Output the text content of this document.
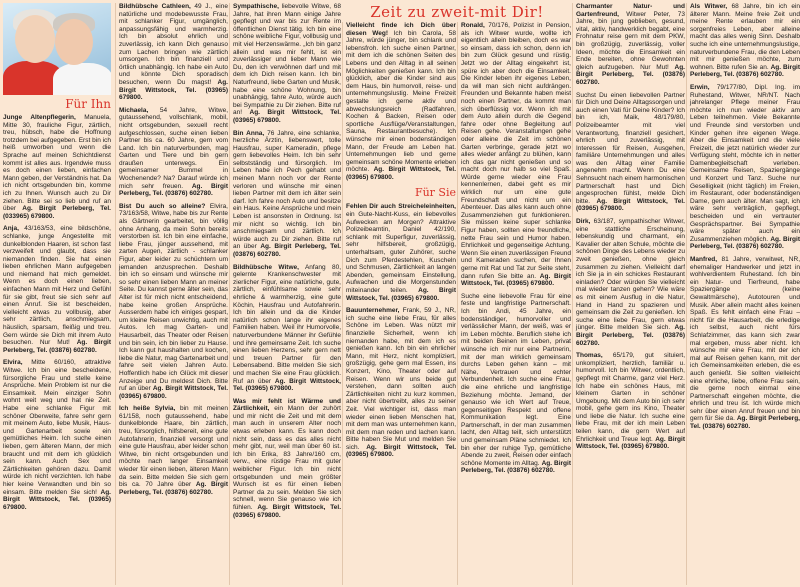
Zeit zu zweit-mit Dir!
Für Ihn

Junge Altenpflegerin, Manuela, Mitte 30, frauliche Figur, zärtlich, treu, hübsch, habe die Hoffnung trotzdem bei aufgegeben. Erst bin ich heiß umworben und wenn die Sprache auf meinen Schichtdienst kommt ist alles aus. Irgendwie muss es doch einen lieben, einfachen Mann geben, der Verständnis hat. Da ich nicht ortsgebunden bin, komme ich zu Ihnen. Wunsch auch zu Dir ziehen. Bitte sei so lieb und ruf an über Ag. Birgit Perleberg, Tel. (033965) 679800.

Anja, 43/163/53, eine bildschöne, schlanke, junge Angestellte mit dunkelblonden Haaren, ist schon fast verzweifelt und glaubt, dass sie niemanden finden. Sie hat einen lieben ehrlichen Mann aufgegeben und niemand hat mich gemeldet. Wenn es doch einen lieben, einfachen Mann mit Herz und Gefühl für sie gibt, freut sie sich sehr auf einen Anruf. Sie ist bescheiden, vielleicht etwas zu vollbusig, aber sehr zärtlich, anschmiegsam, häuslich, sparsam, fleißig und treu. Gern würde sie Dich mit ihrem Auto besuchen. Nur Mut! Ag. Birgit Perleberg, Tel. (03876) 602780.

Elvira, Mitte 60/160, attraktive Witwe. Ich bin eine bescheidene, fürsorgliche Frau und stelle keine Ansprüche. Mein Problem ist nur die Einsamkeit. Mein einziger Sohn wohnt weit weg und hat nie Zeit. Habe eine schlanke Figur mit schöner Oberweite, fahre sehr gern mit meinem Auto, liebe Musik, Haus- und Gartenarbeit sowie ein gemütliches Heim. Ich suche einen lieben, gern älteren Mann, der mich braucht und mit dem ich glücklich sein kann. Auch Sex und Zärtlichkeiten gehören dazu. Damit würde ich nicht verzichten. Ich habe hier keine Verwandten und bin so einsam. Bitte melden Sie sich! Ag. Birgit Wittstock, Tel. (03965) 679800.

Bildhübsche Cathleen, 49 J., eine natürliche und modebewusste Frau, mit schlanker Figur, umgänglich, anpassungsfähig und warmherzig. Ich bin absolut ehrlich und zuverlässig, ich kann Dich genauso zum Lachen bringen wie zärtlich umsorgen. Ich bin finanziell und örtlich unabhängig. Ich habe ein Auto und könnte Dich sporadisch besuchen, wenn Du magst! Ag. Birgit Wittstock, Tel. (03965) 679800.

Michaela, 54 Jahre, Witwe, gutaussehend, vollschlank, mobil, nicht ortsgebunden, sexuell recht aufgeschlossen, suche einen lieben Partner bis ca. 60 Jahre, gern vom Land. Ich bin naturverbunden, mag Garten und Tiere und bin gern draußen unterwegs. Ein gemeinsamer Bummel in Wochenende? Na? Darauf würde ich mich sehr freuen. Ag. Birgit Perleberg, Tel. (03876) 602780.

Bist Du auch so alleine? Elvira, 73/163/58, Witwe, habe bis zur Rente als Gärtnerin gearbeitet, bin völlig ohne Anhang, da mein Sohn bereits verstorben ist. Ich bin eine einfache, liebe Frau, jünger aussehend, mit zarten Augen, zärtlich - schlanker Figur, aber leider zu schüchtern um jemanden anzusprechen. Deshalb bin ich so einsam und wünsche mir so sehr einen lieben Mann an meiner Seite. Du kannst gerne älter sein, das Alter ist für mich nicht entscheidend, habe keine großen Ansprüche. Ausserdem habe ich einiges gespart, um kleine Reisen unwichtig, auch mit Autos. Ich mag Garten- und Hausarbeit, das Theater oder Reisen und bin sein, ich bin lieber zu Hause. Ich kann gut haushalten und kochen, liebe die Natur, mag Gartenarbeit und fahre seit vielen Jahren Auto. Hoffentlich habe ich Glück mit dieser Anzeige und Du meldest Dich. Bitte ruf an über Ag. Birgit Wittstock, Tel. (03965) 679800.

Ich heiße Sylvia, bin mit meinen 61/158, noch gutaussehend, habe dunkelblonde Haare, bin zärtlich, treu, fürsorglich, hilfsbereit, eine gute Autofahrerin, finanziell versorgt und eine gute Hausfrau, aber leider schon Witwe, bin nicht ortsgebunden und möchte nach langer Einsamkeit wieder für einen lieben, älteren Mann da sein. Bitte melden Sie sich gern bis ca. 70 Jahre über Ag. Birgit Perleberg, Tel. (03876) 602780.

Sympathische, liebevolle Witwe, 68 Jahre, hat ihren Mann einige Jahre gepflegt und war bis zur Rente im öffentlichen Dienst tätig. Ich bin eine schöne weibliche Figur, vollbusig und mit viel Herzenswärme. „Ich bin ganz allein und was mir fehlt, ist ein zuverlässiger und lieber Mann wie Du, den ich verwöhnen darf und mit dem ich Dich reisen kann. Ich bin Naturfreund, liebe Garten und Musik, habe eine schöne Wohnung, bin unabhängig, fahre Auto, würde auch bei Sympathie zu Dir ziehen. Bitte ruf an! Ag. Birgit Wittstock, Tel. (03965) 679800.

Bin Anna, 76 Jahre, eine schlanke, herzliche Ärztin, liebenswert, tolle Hausfrau, super Kameradin, pflege gern liebevolles Heim. Ich bin sehr selbstständig und fürsorglich. Im Leben habe ich Pech gehabt und meinen Mann noch vor der Rente verloren und wünsche mir einen lieben Partner mit dem ich älter sein darf. Ich fahre noch Auto und besitze ein Haus. Keine Ansprüche und mein Leben ist ansonsten in Ordnung. Ist mir nicht so wichtig. Ich bin anschmiegsam und zärtlich. Ich würde auch zu Dir ziehen. Bitte ruf an über Ag. Birgit Perleberg, Tel. (03876) 602780.

Bildhübsche Witwe, Anfang 80, gelernte Krankenschwester mit zierlicher Figur, eine natürliche, gute, zärtlich, einfühlsame sowie sehr ehrliche & warmherzig, eine gute Köchin, Hausfrau und Autofahrerin. Ich bin allein und da die Kinder natürlich schon lange ihr eigenes Familien haben. Weil ihr Humorvolle, naturverbundene Männer ihr Gefühle und ihre gemeinsame Zeit. Ich suche einen lieben Herzens, sehr gern nett und treuen Partner für den Lebensabend. Bitte melden Sie sich und machen Sie eine Frau glücklich. Ruf an über Ag. Birgit Wittstock, Tel. (03965) 679800.

Was mir fehlt ist Wärme und Zärtlichkeit, ein Mann der zuhört und mir nicht die Zeit und mit dem man auch in unserem Alter noch etwas erleben kann. Es kann doch nicht sein, dass es das alles nicht mehr gibt, nur, weil man über 60 ist. Ich bin Erika, 83 Jahre/160 cm, verw., eine rüstige Frau mit guter weiblicher Figur. Ich bin nicht ortsgebunden und mein größter Wunsch ist es für einen lieben Partner da zu sein. Melden Sie sich schnell, wenn Sie genauso wie ich fühlen. Ag. Birgit Wittstock, Tel. (03965) 679800.

Vielleicht finde ich Dich über diesen Weg! Ich bin Carola, 58 Jahre, würde jünger, bin schlank und lebensfroh. Ich suche einen Partner, mit dem ich die schönen Seiten des Lebens und den Alltag in all seinen Möglichkeiten genießen kann. Ich bin glücklich, aber die Kinder sind aus dem Haus, bin humorvoll, reise- und unternehmungslustig. Meine Freizeit gestalte ich gerne aktiv und abwechslungsreich (Radfahren, Kochen & Backen, Reisen oder sportliche Ausflüge/Veranstaltungen, Sauna, Restaurantbesuche). Ich wünsche mir einen bodenständigen Mann, der Freude am Leben hat. Unternehmungen lieb und gerne gemeinsam schöne Momente erleben möchte. Ag. Birgit Wittstock, Tel. (03965) 679800.

Für Sie

Fehlen Dir auch Streicheleinheiten, ein Gute-Nacht-Kuss, ein liebevolles Aufwecken am Morgen? Attraktive Polizeibeamtin, Daniel 42/190, schlank mit Superfigur, zuverlässig, sehr hilfsbereit, großzügig, unterhaltsam, guter Zuhörer, suche Dich zum Pferdestehlen, Kuscheln und Schmusen, Zärtlichkeit an langen Abenden, gemeinsam Einstellung, Aufwachen und die Morgenstunden miteinander teilen. Ag. Birgit Wittstock, Tel. (03965) 679800.

Bauunternehmer, Frank, 59 J., NR, ich suche eine liebe Frau, für alles Schöne im Leben. Was nützt mir finanzielle Sicherheit, wenn ich niemanden habe, mit dem ich es genießen kann. Ich bin ein ehrlicher Mann, mit Herz, nicht kompliziert, großzügig, gehe gern mal Essen, ins Konzert, Kino, Theater oder auf Reisen. Wenn wir uns beide gut verstehen, dann sollten auch Zärtlichkeiten nicht zu kurz kommen, aber nicht übertreibt, alles zu seiner Zeit. Viel wichtiger ist, dass man wieder einen lieben Menschen hat, mit dem man was unternehmen kann, mit dem man reden und lachen kann. Bitte haben Sie Mut und melden Sie sich. Ag. Birgit Wittstock, Tel. (03965) 679800.

Ronald, 70/176, Polizist in Pension, als ich Witwer wurde, wollte ich eigentlich allein bleiben, doch es war so einsam, dass ich schon, denn ich bin zum Glück gesund und rüstig. Jetzt wo der Alltag eingekehrt ist, spüre ich aber doch die Einsamkeit. Die Kinder leben ihr eigenes Leben, da will man sich nicht aufdrängen. Freunden und Bekannte haben meist noch einen Partner, da kommt man sich überflüssig vor. Wenn ich mit dem Auto allein durch die Gegend fahre oder ohne Begleitung auf Reisen gehe. Veranstaltungen gehe oder alleine die Zeit im schönen Garten verbringe, gerade jetzt wo alles wieder anfängt zu blühen, kann ich das gar nicht genießen und so macht doch nur halb so viel Spaß. Würde gerne wieder eine Frau kennenlernen, dabei geht es mir wirklich nur um eine gute Freundschaft und nicht um ein Abenteuer. Das alles kann auch ohne Zusammenziehen gut funktionieren. Sie müssen keine super schlanke Figur haben, sollten eine freundliche, nette Frau sein und Humor haben. Ehrlichkeit und gegenseitige Achtung. Wenn Sie einen zuverlässigen Freund und Kameraden suchen, der Ihnen gerne mit Rat und Tat zur Seite steht, dann rufen Sie bitte an. Ag. Birgit Wittstock, Tel. (03965) 679800.

Suche eine liebevolle Frau für eine feste und langfristige Partnerschaft. Ich bin Andi, 45 Jahre, ein bodenständiger, humorvoller und verlässlicher Mann, der weiß, was er im Leben möchte. Beruflich stehe ich mit beiden Beinen im Leben, privat wünsche ich mir nur eine Partnerin, mit der man wirklich gemeinsam durchs Leben gehen kann – mit Nähe, Vertrauen und echter Verbundenheit. Ich suche eine Frau, die eine ehrliche und langfristige Beziehung möchte. Jemand, der genauso wie ich Wert auf Treue, gegenseitigen Respekt und offene Kommunikation legt. Eine Partnerschaft, in der man zusammen lacht, den Alltag teilt, sich unterstützt und gemeinsam Pläne schmiedet. Ich bin eher der ruhige Typ, gemütliche Abende zu zweit, Reisen oder einfach schöne Momente im Alltag. Ag. Birgit Perleberg, Tel. (03876) 602780.

Charmanter Natur- und Gartenfreund, Witwer Peter, 73 Jahre, bin jung geblieben, gesund, vital, aktiv, handwerklich begabt, eine Frohnatur reise gern mit dem PKW, bin großzügig, zuverlässig, voller Ideen, möchte die Einsamkeit ein Ende bereiten, ohne Gewohnten gleich aufzugeben. Nur Mut! Ag. Birgit Perleberg, Tel. (03876) 602780.

Suchst Du einen liebevollen Partner für Dich und Deine Alltagssorgen und auch einen Vati für Deine Kinder? Ich bin ich, Maik, 48/179/80, Polizeibeamter mit viel Verantwortung, finanziell gesichert, ehrlich und zuverlässig, mit Interessen für Reisen, Ausgehen, familiäre Unternehmungen und alles was den Alltag einer Familie angenehm macht. Wenn Du eine Sehnsucht nach einem harmonischen Partnerschaft hast und Dich angesprochen fühlst, melde Dich bitte. Ag. Birgit Wittstock, Tel. (03965) 679800.

Dirk, 63/187, sympathischer Witwer, eine stattliche Erscheinung, lebenskundig und charmant, ein Kavalier der alten Schule, möchte die schönen Dinge des Lebens wieder zu zweit genießen, ohne gleich zusammen zu ziehen. Vielleicht darf ich Sie ja in ein schickes Restaurant einladen? Oder würden Sie vielleicht mal wieder tanzen gehen? Wie wäre es mit einem Ausflug in die Natur, Hand in Hand zu spazieren und gemeinsam die Zeit zu genießen. Ich suche eine liebe Frau, gern etwas jünger. Bitte melden Sie sich. Ag. Birgit Perleberg, Tel. (03876) 602780.

Thomas, 65/179, gut situiert, unkompliziert, herzlich, familiär u. humorvoll. Ich bin Witwer, ordentlich, gepflegt mit Charme, ganz viel Herz. Ich habe ein schönes Haus, mit kleinem Garten in schöner Umgebung. Mit dem Auto bin ich sehr mobil, gehe gern ins Kino, Theater und liebe die Natur. Ich suche eine liebe Frau, mit der ich mein Leben teilen kann, die gern Wert auf Ehrlichkeit und Treue legt. Ag. Birgit Wittstock, Tel. (03965) 679800.

Als Witwer, 68 Jahre, bin ich ein älterer Mann. Meine freie Zeit und meine Rente erlauben mir ein sorgenfreies Leben, aber alleine macht das alles wenig Sinn. Deshalb suche ich eine unternehmungslustige, naturverbundene Frau, die den Leben mit mir genießen möchte, zum wohnen. Bitte rufen Sie an. Ag. Birgit Perleberg, Tel. (03876) 602780.

Erwin, 79/177/80, Dipl. Ing. im Ruhestand, Witwer, NR/NT. Nach jahrelanger Pflege meiner Frau möchte ich nun wieder aktiv am Leben teilnehmen. Viele Bekannte und Freunde sind verstorben und Kinder gehen ihre eigenen Wege. Aber die Einsamkeit und die viele Freizeit, die jetzt natürlich wieder zur Verfügung steht, möchte ich in netter Damenbegleitschaft verleben. Gemeinsame Reisen, Spaziergänge und Konzert und Tanz. Suche nur Geselligkeit (nicht täglich) im Freien, im Restaurant, oder bodenständigen Dame, gern auch älter. Man sagt, ich wäre sehr verträglich, gepflegt, bescheiden und ein vertrauter Gesprächspartner. Bei Sympathie wäre später auch ein Zusammenziehen möglich. Ag. Birgit Perleberg, Tel. (03876) 602780.

Manfred, 81 Jahre, verwitwet, NR, ehemaliger Handwerker und jetzt in wohlverdientem Ruhestand. Ich bin ein Natur- und Tierfreund, habe Spaziergänge (keine Gewaltmärsche), Autotouren und Musik. Aber allein macht alles keinen Spaß. Es fehlt einfach eine Frau – nicht für die Hausarbeit, die erledige ich selbst, auch nicht fürs Schlafzimmer, das kann sich zwar mal ergeben, muss aber nicht. Ich wünsche mir eine Frau, mit der ich mal auf Reisen gehen kann, mit der ich Gemeinsamkeiten erleben, die es auch genießt. Sie sollten vielleicht eine ehrliche, liebe, offene Frau sein, die gerne noch einmal eine Partnerschaft eingehen möchte, die ehrlich und treu ist. Ich würde mich sehr über einen Anruf freuen und bin gern für Sie da. Ag. Birgit Perleberg, Tel. (03876) 602780.
